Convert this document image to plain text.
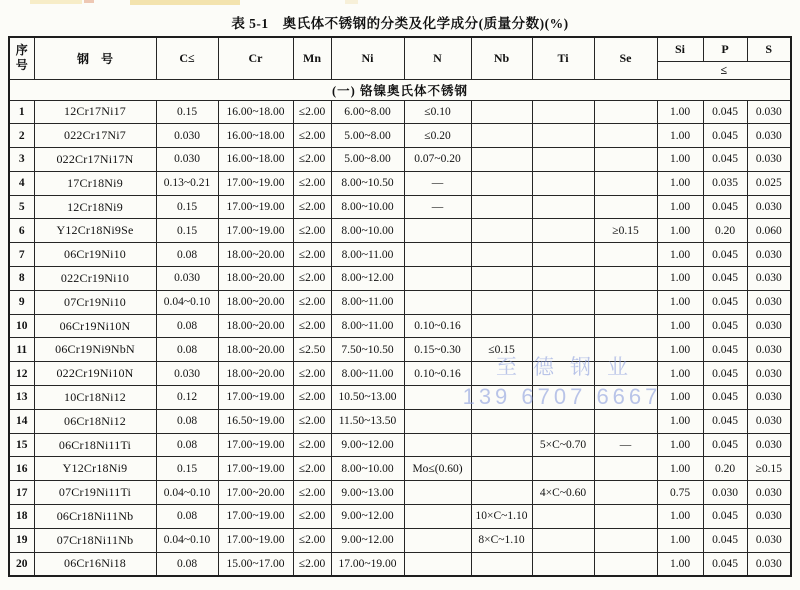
表 5-1　奥氏体不锈钢的分类及化学成分(质量分数)(%)
序号	钢　号	C≤	Cr	Mn	Ni	N	Nb	Ti	Se	Si	P	S
										≤		
(一) 铬镍奥氏体不锈钢												
1	12Cr17Ni17	0.15	16.00~18.00	≤2.00	6.00~8.00	≤0.10				1.00	0.045	0.030
2	022Cr17Ni7	0.030	16.00~18.00	≤2.00	5.00~8.00	≤0.20				1.00	0.045	0.030
3	022Cr17Ni17N	0.030	16.00~18.00	≤2.00	5.00~8.00	0.07~0.20				1.00	0.045	0.030
4	17Cr18Ni9	0.13~0.21	17.00~19.00	≤2.00	8.00~10.50	—				1.00	0.035	0.025
5	12Cr18Ni9	0.15	17.00~19.00	≤2.00	8.00~10.00	—				1.00	0.045	0.030
6	Y12Cr18Ni9Se	0.15	17.00~19.00	≤2.00	8.00~10.00				≥0.15	1.00	0.20	0.060
7	06Cr19Ni10	0.08	18.00~20.00	≤2.00	8.00~11.00					1.00	0.045	0.030
8	022Cr19Ni10	0.030	18.00~20.00	≤2.00	8.00~12.00					1.00	0.045	0.030
9	07Cr19Ni10	0.04~0.10	18.00~20.00	≤2.00	8.00~11.00					1.00	0.045	0.030
10	06Cr19Ni10N	0.08	18.00~20.00	≤2.00	8.00~11.00	0.10~0.16				1.00	0.045	0.030
11	06Cr19Ni9NbN	0.08	18.00~20.00	≤2.50	7.50~10.50	0.15~0.30	≤0.15			1.00	0.045	0.030
12	022Cr19Ni10N	0.030	18.00~20.00	≤2.00	8.00~11.00	0.10~0.16				1.00	0.045	0.030
13	10Cr18Ni12	0.12	17.00~19.00	≤2.00	10.50~13.00					1.00	0.045	0.030
14	06Cr18Ni12	0.08	16.50~19.00	≤2.00	11.50~13.50					1.00	0.045	0.030
15	06Cr18Ni11Ti	0.08	17.00~19.00	≤2.00	9.00~12.00			5×C~0.70	—	1.00	0.045	0.030
16	Y12Cr18Ni9	0.15	17.00~19.00	≤2.00	8.00~10.00	Mo≤(0.60)				1.00	0.20	≥0.15
17	07Cr19Ni11Ti	0.04~0.10	17.00~20.00	≤2.00	9.00~13.00			4×C~0.60		0.75	0.030	0.030
18	06Cr18Ni11Nb	0.08	17.00~19.00	≤2.00	9.00~12.00		10×C~1.10			1.00	0.045	0.030
19	07Cr18Ni11Nb	0.04~0.10	17.00~19.00	≤2.00	9.00~12.00		8×C~1.10			1.00	0.045	0.030
20	06Cr16Ni18	0.08	15.00~17.00	≤2.00	17.00~19.00					1.00	0.045	0.030
至德钢业
139 6707 6667
